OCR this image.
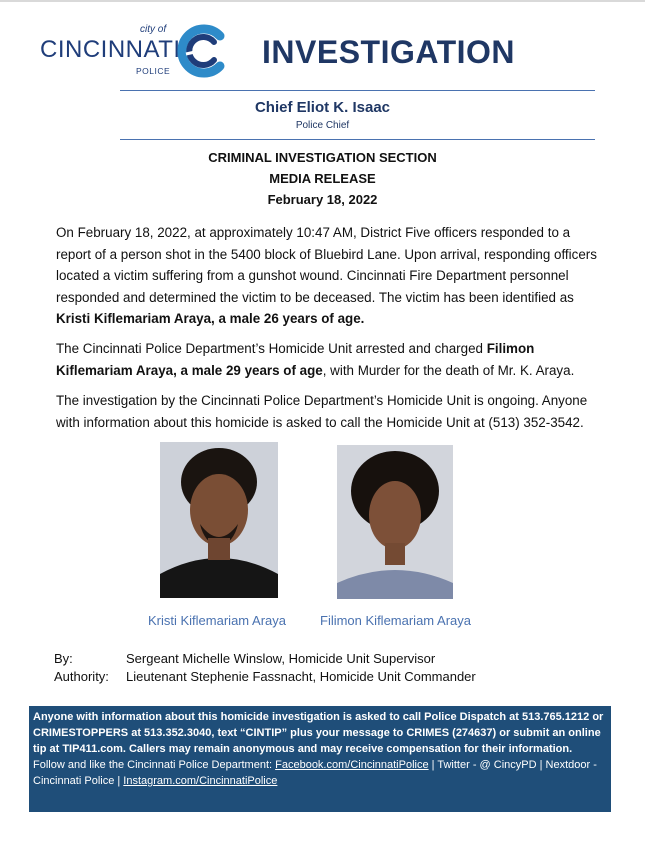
city of
CINCINNATI
POLICE
INVESTIGATION
Chief Eliot K. Isaac
Police Chief
CRIMINAL INVESTIGATION SECTION
MEDIA RELEASE
February 18, 2022
On February 18, 2022, at approximately 10:47 AM, District Five officers responded to a report of a person shot in the 5400 block of Bluebird Lane. Upon arrival, responding officers located a victim suffering from a gunshot wound. Cincinnati Fire Department personnel responded and determined the victim to be deceased. The victim has been identified as Kristi Kiflemariam Araya, a male 26 years of age.
The Cincinnati Police Department’s Homicide Unit arrested and charged Filimon Kiflemariam Araya, a male 29 years of age, with Murder for the death of Mr. K. Araya.
The investigation by the Cincinnati Police Department’s Homicide Unit is ongoing. Anyone with information about this homicide is asked to call the Homicide Unit at (513) 352-3542.
Kristi Kiflemariam Araya	Filimon Kiflemariam Araya
By:	Sergeant Michelle Winslow, Homicide Unit Supervisor
Authority: Lieutenant Stephenie Fassnacht, Homicide Unit Commander
Anyone with information about this homicide investigation is asked to call Police Dispatch at 513.765.1212 or CRIMESTOPPERS at 513.352.3040, text “CINTIP” plus your message to CRIMES (274637) or submit an online tip at TIP411.com. Callers may remain anonymous and may receive compensation for their information.
Follow and like the Cincinnati Police Department: Facebook.com/CincinnatiPolice | Twitter - @ CincyPD | Nextdoor - Cincinnati Police | Instagram.com/CincinnatiPolice
